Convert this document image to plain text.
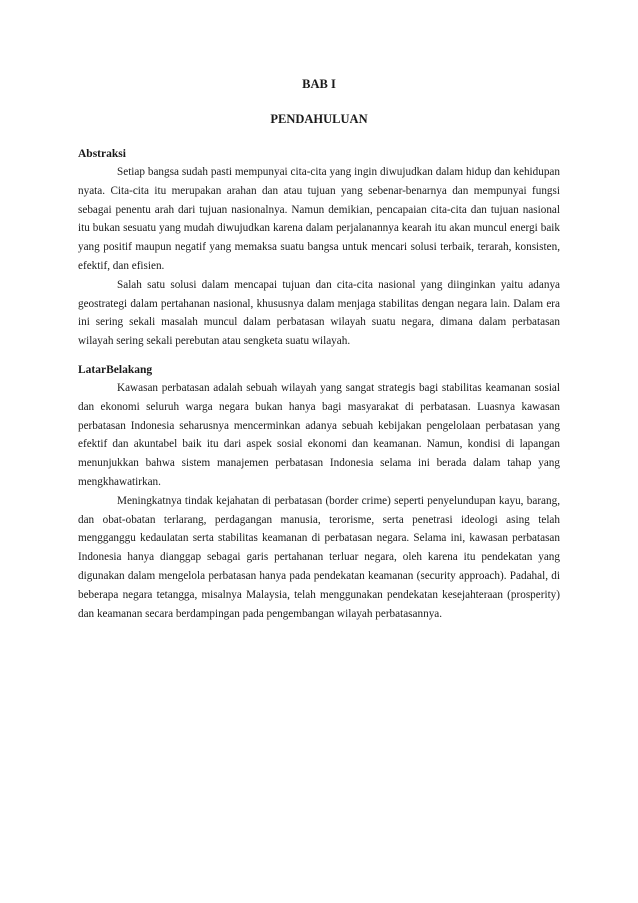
BAB I
PENDAHULUAN
Abstraksi

Setiap bangsa sudah pasti mempunyai cita-cita yang ingin diwujudkan dalam hidup dan kehidupan nyata. Cita-cita itu merupakan arahan dan atau tujuan yang sebenar-benarnya dan mempunyai fungsi sebagai penentu arah dari tujuan nasionalnya. Namun demikian, pencapaian cita-cita dan tujuan nasional itu bukan sesuatu yang mudah diwujudkan karena dalam perjalanannya kearah itu akan muncul energi baik yang positif maupun negatif yang memaksa suatu bangsa untuk mencari solusi terbaik, terarah, konsisten, efektif, dan efisien.

Salah satu solusi dalam mencapai tujuan dan cita-cita nasional yang diinginkan yaitu adanya geostrategi dalam pertahanan nasional, khususnya dalam menjaga stabilitas dengan negara lain. Dalam era ini sering sekali masalah muncul dalam perbatasan wilayah suatu negara, dimana dalam perbatasan wilayah sering sekali perebutan atau sengketa suatu wilayah.

LatarBelakang

Kawasan perbatasan adalah sebuah wilayah yang sangat strategis bagi stabilitas keamanan sosial dan ekonomi seluruh warga negara bukan hanya bagi masyarakat di perbatasan. Luasnya kawasan perbatasan Indonesia seharusnya mencerminkan adanya sebuah kebijakan pengelolaan perbatasan yang efektif dan akuntabel baik itu dari aspek sosial ekonomi dan keamanan. Namun, kondisi di lapangan menunjukkan bahwa sistem manajemen perbatasan Indonesia selama ini berada dalam tahap yang mengkhawatirkan.

Meningkatnya tindak kejahatan di perbatasan (border crime) seperti penyelundupan kayu, barang, dan obat-obatan terlarang, perdagangan manusia, terorisme, serta penetrasi ideologi asing telah mengganggu kedaulatan serta stabilitas keamanan di perbatasan negara. Selama ini, kawasan perbatasan Indonesia hanya dianggap sebagai garis pertahanan terluar negara, oleh karena itu pendekatan yang digunakan dalam mengelola perbatasan hanya pada pendekatan keamanan (security approach). Padahal, di beberapa negara tetangga, misalnya Malaysia, telah menggunakan pendekatan kesejahteraan (prosperity) dan keamanan secara berdampingan pada pengembangan wilayah perbatasannya.
